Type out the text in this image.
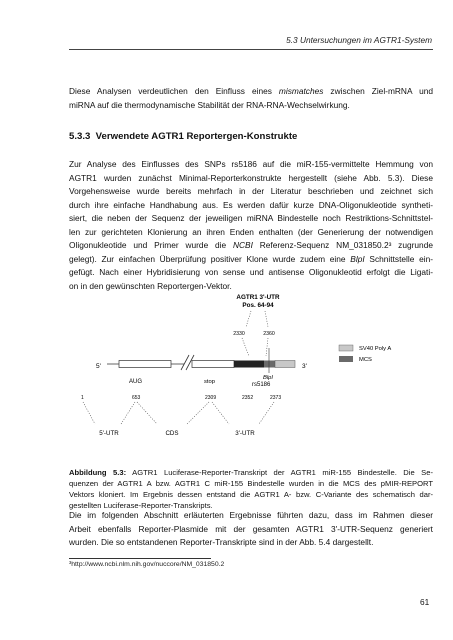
5.3 Untersuchungen im AGTR1-System
Diese Analysen verdeutlichen den Einfluss eines mismatches zwischen Ziel-mRNA und
miRNA auf die thermodynamische Stabilität der RNA-RNA-Wechselwirkung.
5.3.3 Verwendete AGTR1 Reportergen-Konstrukte
Zur Analyse des Einflusses des SNPs rs5186 auf die miR-155-vermittelte Hemmung von
AGTR1 wurden zunächst Minimal-Reporterkonstrukte hergestellt (siehe Abb. 5.3). Diese
Vorgehensweise wurde bereits mehrfach in der Literatur beschrieben und zeichnet sich
durch ihre einfache Handhabung aus. Es werden dafür kurze DNA-Oligonukleotide syntheti-
siert, die neben der Sequenz der jeweiligen miRNA Bindestelle noch Restriktions-Schnittstel-
len zur gerichteten Klonierung an ihren Enden enthalten (der Generierung der notwendigen
Oligonukleotide und Primer wurde die NCBI Referenz-Sequenz NM_031850.2³ zugrunde
gelegt). Zur einfachen Überprüfung positiver Klone wurde zudem eine BlpI Schnittstelle ein-
gefügt. Nach einer Hybridisierung von sense und antisense Oligonukleotid erfolgt die Ligati-
on in den gewünschten Reportergen-Vektor.
AGTR1 3'-UTR
Pos. 64-94
2330	2360
5'	3'
BlpI
AUG	stop	rs5186
1	653	2309	2352	2373
5'-UTR	CDS	3'-UTR
SV40 Poly A
MCS
Abbildung 5.3: AGTR1 Luciferase-Reporter-Transkript der AGTR1 miR-155 Bindestelle. Die Se-
quenzen der AGTR1 A bzw. AGTR1 C miR-155 Bindestelle wurden in die MCS des pMIR-REPORT
Vektors kloniert. Im Ergebnis dessen entstand die AGTR1 A- bzw. C-Variante des schematisch dar-
gestellten Luciferase-Reporter-Transkripts.
Die im folgenden Abschnitt erläuterten Ergebnisse führten dazu, dass im Rahmen dieser
Arbeit ebenfalls Reporter-Plasmide mit der gesamten AGTR1 3'-UTR-Sequenz generiert
wurden. Die so entstandenen Reporter-Transkripte sind in der Abb. 5.4 dargestellt.
³http://www.ncbi.nlm.nih.gov/nuccore/NM_031850.2
61
